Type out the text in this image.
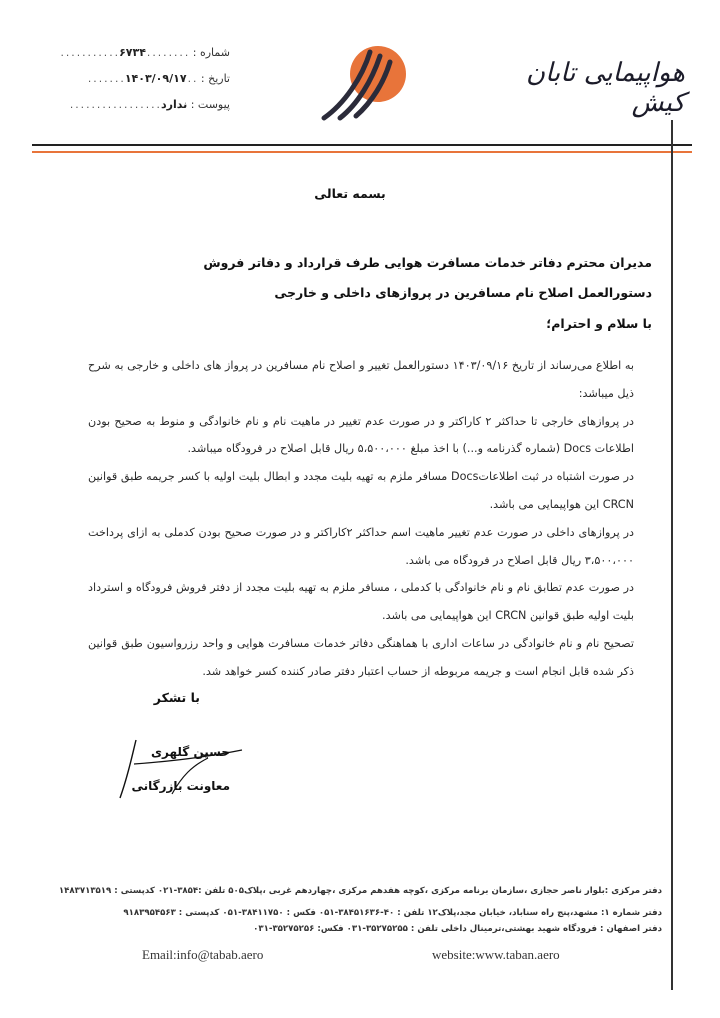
شماره : ........۶۷۳۴...........
تاریخ : ..۱۴۰۳/۰۹/۱۷.......
پیوست : ندارد.................
هواپیمایی تابان کیش
بسمه تعالی
مدیران محترم دفاتر خدمات مسافرت هوایی طرف قرارداد و دفاتر فروش
دستورالعمل اصلاح نام مسافرین در پروازهای داخلی و خارجی
با سلام و احترام؛

به اطلاع می‌رساند از تاریخ ۱۴۰۳/۰۹/۱۶ دستورالعمل تغییر و اصلاح نام مسافرین در پرواز های داخلی و خارجی به شرح ذیل میباشد:

در پروازهای خارجی تا حداکثر ۲ کاراکتر و در صورت عدم تغییر در ماهیت نام و نام خانوادگی و منوط به صحیح بودن اطلاعات Docs (شماره گذرنامه و...) با اخذ مبلغ ۵،۵۰۰،۰۰۰ ریال قابل اصلاح در فرودگاه میباشد.

در صورت اشتباه در ثبت اطلاعاتDocs مسافر ملزم به تهیه بلیت مجدد و ابطال بلیت اولیه با کسر جریمه طبق قوانین CRCN این هواپیمایی می باشد.

در پروازهای داخلی در صورت عدم تغییر ماهیت اسم حداکثر ۲کاراکتر و در صورت صحیح بودن کدملی به ازای پرداخت ۳،۵۰۰،۰۰۰ ریال قابل اصلاح در فرودگاه می باشد.

در صورت عدم تطابق نام و نام خانوادگی با کدملی ، مسافر ملزم به تهیه بلیت مجدد از دفتر فروش فرودگاه و استرداد بلیت اولیه طبق قوانین CRCN این هواپیمایی می باشد.

تصحیح نام و نام خانوادگی در ساعات اداری با هماهنگی دفاتر خدمات مسافرت هوایی و واحد رزرواسیون طبق قوانین ذکر شده قابل انجام است و جریمه مربوطه از حساب اعتبار دفتر صادر کننده کسر خواهد شد.

با تشکر
حسین گلهری
معاونت بازرگانی
دفتر مرکزی :بلوار ناصر حجازی ،سازمان برنامه مرکزی ،کوچه هفدهم مرکزی ،چهاردهم غربی ،پلاک۵۰۵ تلفن :۳۸۵۴-۰۲۱ کدپستی : ۱۴۸۳۷۱۳۵۱۹
دفتر شماره ۱: مشهد،پنج راه سناباد، خیابان مجد،پلاک۱۲ تلفن : ۴۰-۳۸۴۵۱۶۳۶-۰۵۱ فکس : ۳۸۴۱۱۷۵۰-۰۵۱ کدپستی : ۹۱۸۳۹۵۴۵۶۳
دفتر اصفهان : فرودگاه شهید بهشتی،ترمینال داخلی تلفن : ۳۵۲۷۵۲۵۵-۰۳۱ فکس: ۳۵۲۷۵۲۵۶-۰۳۱
Email:info@tabab.aero	website:www.taban.aero
